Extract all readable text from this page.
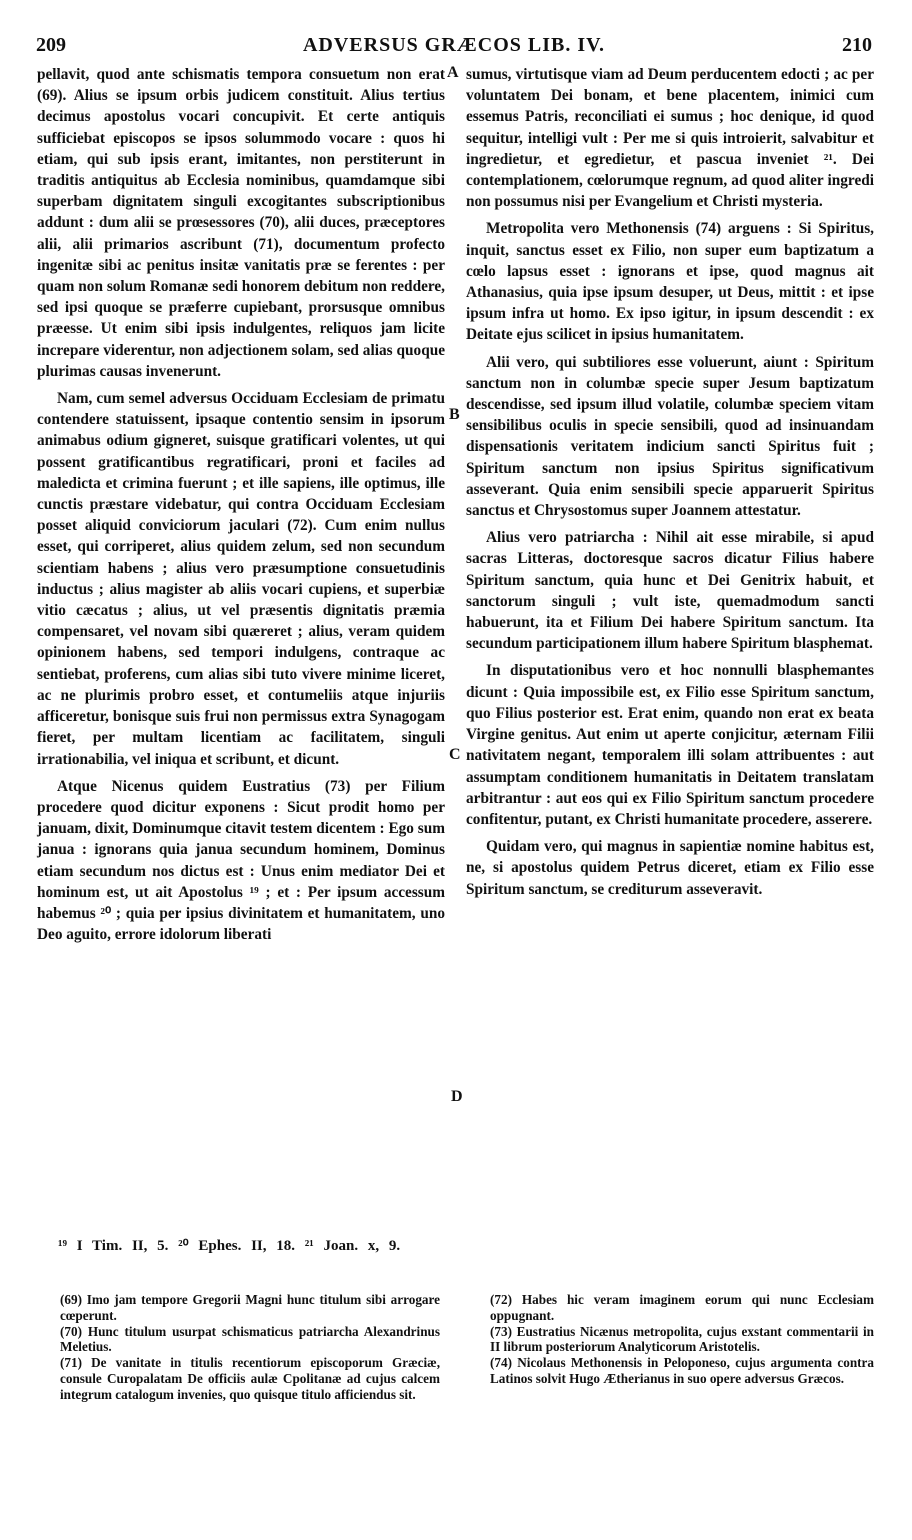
209	ADVERSUS GRÆCOS LIB. IV.	210

pellavit, quod ante schismatis tempora consuetum non erat (69). Alius se ipsum orbis judicem constituit. Alius tertius decimus apostolus vocari concupivit. Et certe antiquis sufficiebat episcopos se ipsos solummodo vocare : quos hi etiam, qui sub ipsis erant, imitantes, non perstiterunt in traditis antiquitus ab Ecclesia nominibus, quamdamque sibi superbam dignitatem singuli excogitantes subscriptionibus addunt : dum alii se prœsessores (70), alii duces, præceptores alii, alii primarios ascribunt (71), documentum profecto ingenitæ sibi ac penitus insitæ vanitatis præ se ferentes : per quam non solum Romanæ sedi honorem debitum non reddere, sed ipsi quoque se præferre cupiebant, prorsusque omnibus præesse. Ut enim sibi ipsis indulgentes, reliquos jam licite increpare viderentur, non adjectionem solam, sed alias quoque plurimas causas invenerunt.

Nam, cum semel adversus Occiduam Ecclesiam de primatu contendere statuissent, ipsaque contentio sensim in ipsorum animabus odium gigneret, suisque gratificari volentes, ut qui possent gratificantibus regratificari, proni et faciles ad maledicta et crimina fuerunt ; et ille sapiens, ille optimus, ille cunctis præstare videbatur, qui contra Occiduam Ecclesiam posset aliquid conviciorum jaculari (72). Cum enim nullus esset, qui corriperet, alius quidem zelum, sed non secundum scientiam habens ; alius vero præsumptione consuetudinis inductus ; alius magister ab aliis vocari cupiens, et superbiæ vitio cæcatus ; alius, ut vel præsentis dignitatis præmia compensaret, vel novam sibi quæreret ; alius, veram quidem opinionem habens, sed tempori indulgens, contraque ac sentiebat, proferens, cum alias sibi tuto vivere minime liceret, ac ne plurimis probro esset, et contumeliis atque injuriis afficeretur, bonisque suis frui non permissus extra Synagogam fieret, per multam licentiam ac facilitatem, singuli irrationabilia, vel iniqua et scribunt, et dicunt.

Atque Nicenus quidem Eustratius (73) per Filium procedere quod dicitur exponens : Sicut prodit homo per januam, dixit, Dominumque citavit testem dicentem : Ego sum janua : ignorans quia janua secundum hominem, Dominus etiam secundum nos dictus est : Unus enim mediator Dei et hominum est, ut ait Apostolus ¹⁹ ; et : Per ipsum accessum habemus ²⁰ ; quia per ipsius divinitatem et humanitatem, uno Deo aguito, errore idolorum liberati

A
B
C
D

sumus, virtutisque viam ad Deum perducentem edocti ; ac per voluntatem Dei bonam, et bene placentem, inimici cum essemus Patris, reconciliati ei sumus ; hoc denique, id quod sequitur, intelligi vult : Per me si quis introierit, salvabitur et ingredietur, et egredietur, et pascua inveniet ²¹. Dei contemplationem, cœlorumque regnum, ad quod aliter ingredi non possumus nisi per Evangelium et Christi mysteria.

Metropolita vero Methonensis (74) arguens : Si Spiritus, inquit, sanctus esset ex Filio, non super eum baptizatum a cœlo lapsus esset : ignorans et ipse, quod magnus ait Athanasius, quia ipse ipsum desuper, ut Deus, mittit : et ipse ipsum infra ut homo. Ex ipso igitur, in ipsum descendit : ex Deitate ejus scilicet in ipsius humanitatem.

Alii vero, qui subtiliores esse voluerunt, aiunt : Spiritum sanctum non in columbæ specie super Jesum baptizatum descendisse, sed ipsum illud volatile, columbæ speciem vitam sensibilibus oculis in specie sensibili, quod ad insinuandam dispensationis veritatem indicium sancti Spiritus fuit ; Spiritum sanctum non ipsius Spiritus significativum asseverant. Quia enim sensibili specie apparuerit Spiritus sanctus et Chrysostomus super Joannem attestatur.

Alius vero patriarcha : Nihil ait esse mirabile, si apud sacras Litteras, doctoresque sacros dicatur Filius habere Spiritum sanctum, quia hunc et Dei Genitrix habuit, et sanctorum singuli ; vult iste, quemadmodum sancti habuerunt, ita et Filium Dei habere Spiritum sanctum. Ita secundum participationem illum habere Spiritum blasphemat.

In disputationibus vero et hoc nonnulli blasphemantes dicunt : Quia impossibile est, ex Filio esse Spiritum sanctum, quo Filius posterior est. Erat enim, quando non erat ex beata Virgine genitus. Aut enim ut aperte conjicitur, æternam Filii nativitatem negant, temporalem illi solam attribuentes : aut assumptam conditionem humanitatis in Deitatem translatam arbitrantur : aut eos qui ex Filio Spiritum sanctum procedere confitentur, putant, ex Christi humanitate procedere, asserere.

Quidam vero, qui magnus in sapientiæ nomine habitus est, ne, si apostolus quidem Petrus diceret, etiam ex Filio esse Spiritum sanctum, se crediturum asseveravit.

¹⁹ I Tim. II, 5. ²⁰ Ephes. II, 18. ²¹ Joan. x, 9.

(69) Imo jam tempore Gregorii Magni hunc titulum sibi arrogare cœperunt.

(70) Hunc titulum usurpat schismaticus patriarcha Alexandrinus Meletius.

(71) De vanitate in titulis recentiorum episcoporum Græciæ, consule Curopalatam De officiis aulæ Cpolitanæ ad cujus calcem integrum catalogum invenies, quo quisque titulo afficiendus sit.

(72) Habes hic veram imaginem eorum qui nunc Ecclesiam oppugnant.

(73) Eustratius Nicænus metropolita, cujus exstant commentarii in II librum posteriorum Analyticorum Aristotelis.

(74) Nicolaus Methonensis in Peloponeso, cujus argumenta contra Latinos solvit Hugo Ætherianus in suo opere adversus Græcos.
